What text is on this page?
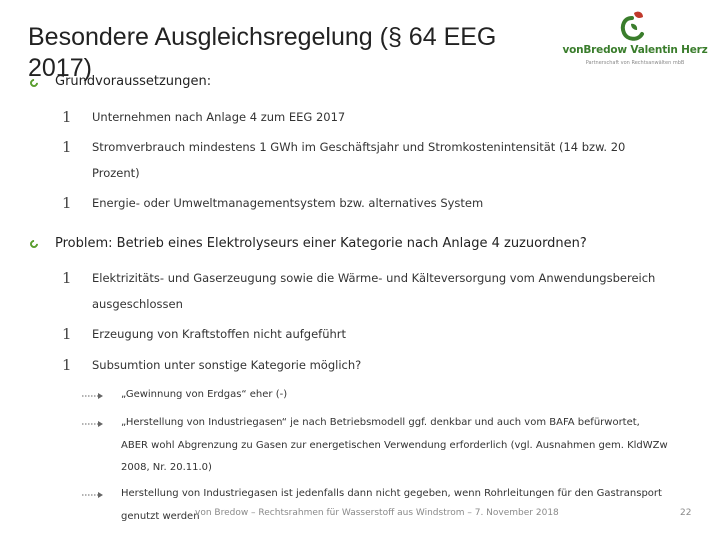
Besondere Ausgleichsregelung (§ 64 EEG 2017)
vonBredow Valentin Herz
Partnerschaft von Rechtsanwälten mbB
Grundvoraussetzungen:
1 Unternehmen nach Anlage 4 zum EEG 2017
1 Stromverbrauch mindestens 1 GWh im Geschäftsjahr und Stromkostenintensität (14 bzw. 20
Prozent)
1 Energie- oder Umweltmanagementsystem bzw. alternatives System
Problem: Betrieb eines Elektrolyseurs einer Kategorie nach Anlage 4 zuzuordnen?
1 Elektrizitäts- und Gaserzeugung sowie die Wärme- und Kälteversorgung vom Anwendungsbereich
ausgeschlossen
1 Erzeugung von Kraftstoffen nicht aufgeführt
1 Subsumtion unter sonstige Kategorie möglich?
„Gewinnung von Erdgas“ eher (-)
„Herstellung von Industriegasen“ je nach Betriebsmodell ggf. denkbar und auch vom BAFA befürwortet,
ABER wohl Abgrenzung zu Gasen zur energetischen Verwendung erforderlich (vgl. Ausnahmen gem. KldWZw
2008, Nr. 20.11.0)
Herstellung von Industriegasen ist jedenfalls dann nicht gegeben, wenn Rohrleitungen für den Gastransport
genutzt werden
von Bredow – Rechtsrahmen für Wasserstoff aus Windstrom – 7. November 2018	22
